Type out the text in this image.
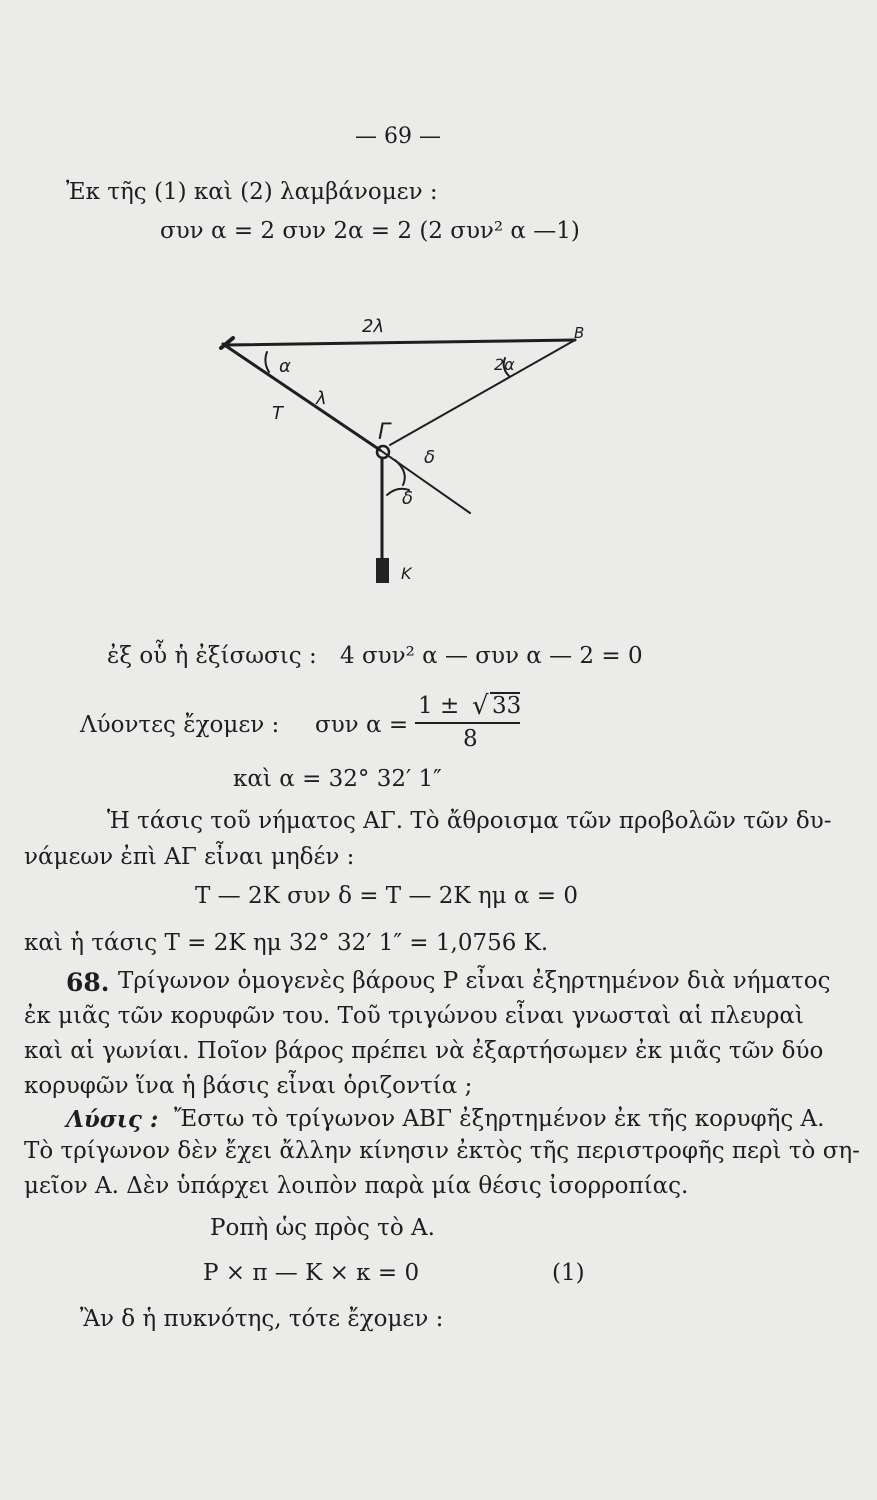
— 69 —
Ἐκ τῆς (1) καὶ (2) λαμβάνομεν :
συν α = 2 συν 2α = 2 (2 συν² α —1)
2λ	B
α	2α
λ
T
Γ
δ
δ
K
ἐξ οὗ ἡ ἐξίσωσις : 4 συν² α — συν α — 2 = 0
Λύοντες ἔχομεν : συν α =
1 ± √ 33
8
καὶ α = 32° 32′ 1″
Ἡ τάσις τοῦ νήματος ΑΓ. Τὸ ἄθροισμα τῶν προβολῶν τῶν δυ-
νάμεων ἐπὶ ΑΓ εἶναι μηδέν :
Τ — 2Κ συν δ = Τ — 2Κ ημ α = 0
καὶ ἡ τάσις Τ = 2Κ ημ 32° 32′ 1″ = 1,0756 Κ.
68. Τρίγωνον ὁμογενὲς βάρους Ρ εἶναι ἐξηρτημένον διὰ νήματος
ἐκ μιᾶς τῶν κορυφῶν του. Τοῦ τριγώνου εἶναι γνωσταὶ αἱ πλευραὶ
καὶ αἱ γωνίαι. Ποῖον βάρος πρέπει νὰ ἐξαρτήσωμεν ἐκ μιᾶς τῶν δύο
κορυφῶν ἵνα ἡ βάσις εἶναι ὁριζοντία ;
Λύσις : Ἔστω τὸ τρίγωνον ΑΒΓ ἐξηρτημένον ἐκ τῆς κορυφῆς Α.
Τὸ τρίγωνον δὲν ἔχει ἄλλην κίνησιν ἐκτὸς τῆς περιστροφῆς περὶ τὸ ση-
μεῖον Α. Δὲν ὑπάρχει λοιπὸν παρὰ μία θέσις ἰσορροπίας.
Ροπὴ ὡς πρὸς τὸ Α.
Ρ × π — Κ × κ = 0	(1)
Ἂν δ ἡ πυκνότης, τότε ἔχομεν :
